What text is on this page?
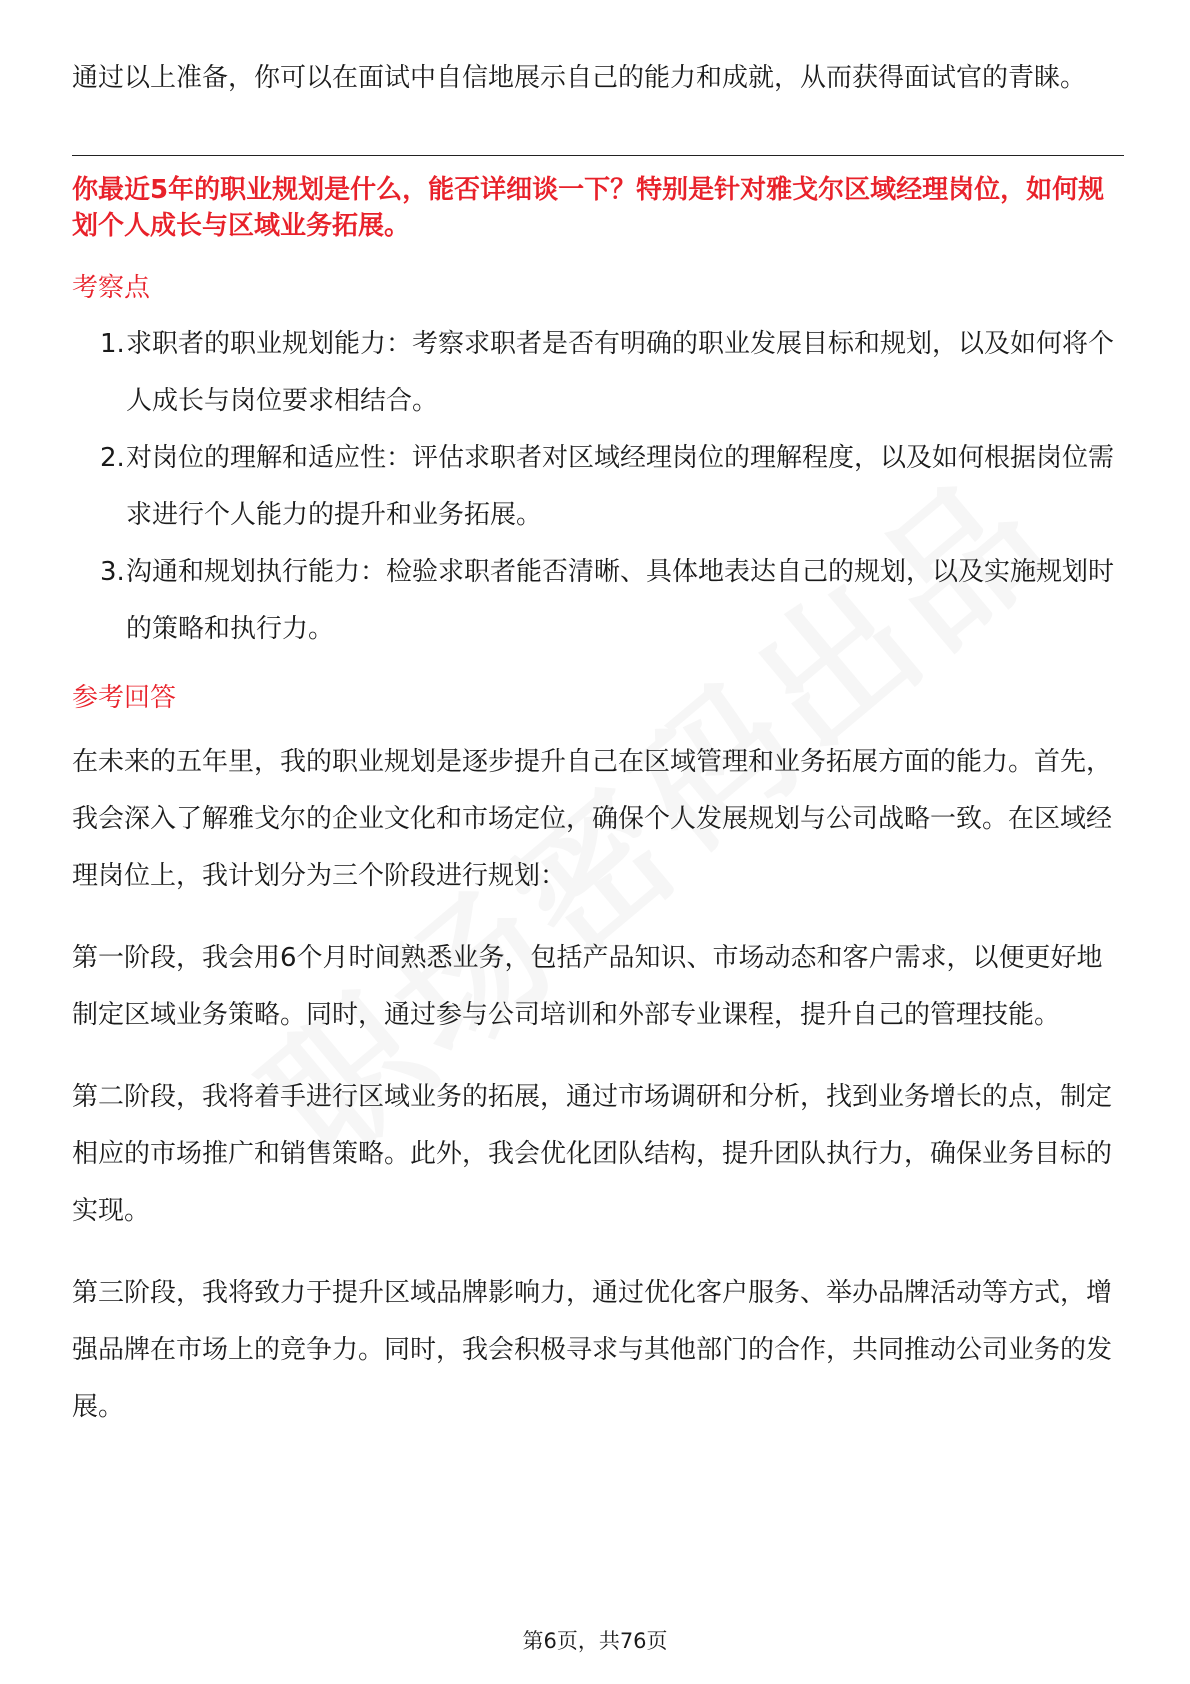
通过以上准备，你可以在面试中自信地展示自己的能力和成就，从而获得面试官的青睐。

你最近5年的职业规划是什么，能否详细谈一下？特别是针对雅戈尔区域经理岗位，如何规划个人成长与区域业务拓展。

考察点
1. 求职者的职业规划能力：考察求职者是否有明确的职业发展目标和规划，以及如何将个人成长与岗位要求相结合。
2. 对岗位的理解和适应性：评估求职者对区域经理岗位的理解程度，以及如何根据岗位需求进行个人能力的提升和业务拓展。
3. 沟通和规划执行能力：检验求职者能否清晰、具体地表达自己的规划，以及实施规划时的策略和执行力。
参考回答

在未来的五年里，我的职业规划是逐步提升自己在区域管理和业务拓展方面的能力。首先，我会深入了解雅戈尔的企业文化和市场定位，确保个人发展规划与公司战略一致。在区域经理岗位上，我计划分为三个阶段进行规划：

第一阶段，我会用6个月时间熟悉业务，包括产品知识、市场动态和客户需求，以便更好地制定区域业务策略。同时，通过参与公司培训和外部专业课程，提升自己的管理技能。

第二阶段，我将着手进行区域业务的拓展，通过市场调研和分析，找到业务增长的点，制定相应的市场推广和销售策略。此外，我会优化团队结构，提升团队执行力，确保业务目标的实现。

第三阶段，我将致力于提升区域品牌影响力，通过优化客户服务、举办品牌活动等方式，增强品牌在市场上的竞争力。同时，我会积极寻求与其他部门的合作，共同推动公司业务的发展。

第6页，共76页
